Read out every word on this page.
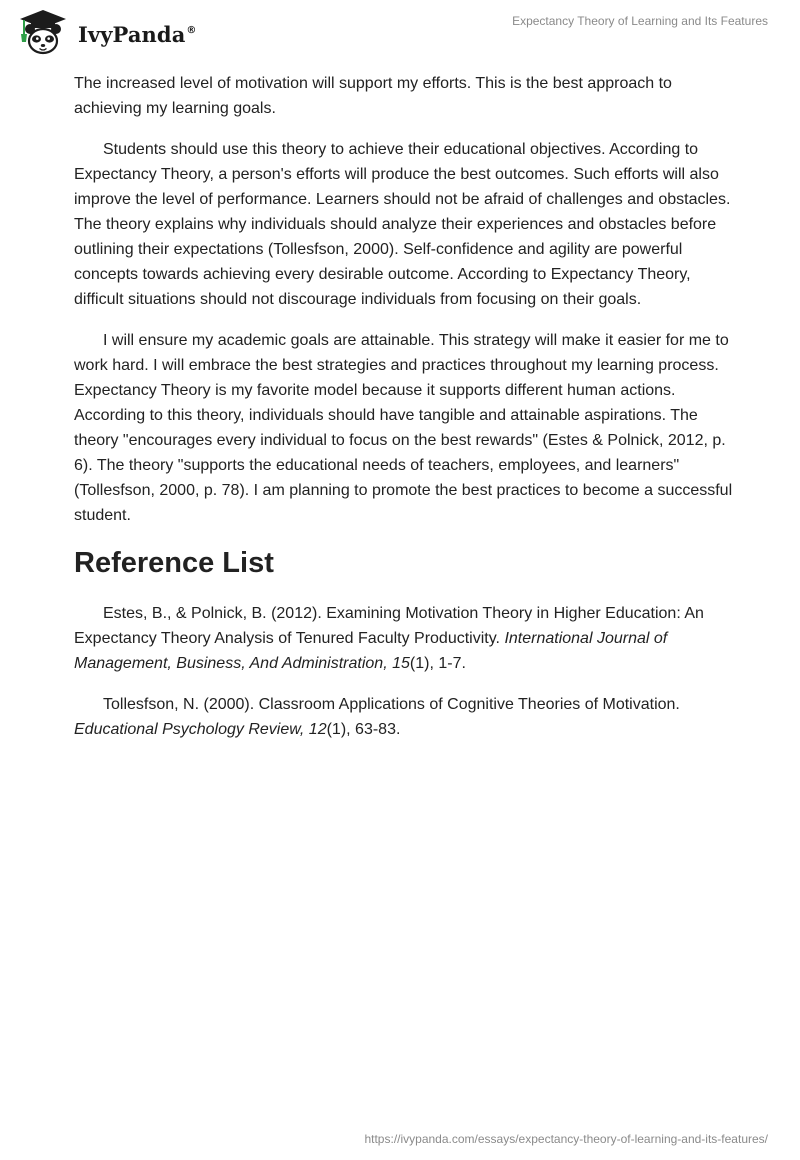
IvyPanda®
Expectancy Theory of Learning and Its Features

The increased level of motivation will support my efforts. This is the best approach to achieving my learning goals.

Students should use this theory to achieve their educational objectives. According to Expectancy Theory, a person's efforts will produce the best outcomes. Such efforts will also improve the level of performance. Learners should not be afraid of challenges and obstacles. The theory explains why individuals should analyze their experiences and obstacles before outlining their expectations (Tollesfson, 2000). Self-confidence and agility are powerful concepts towards achieving every desirable outcome. According to Expectancy Theory, difficult situations should not discourage individuals from focusing on their goals.

I will ensure my academic goals are attainable. This strategy will make it easier for me to work hard. I will embrace the best strategies and practices throughout my learning process. Expectancy Theory is my favorite model because it supports different human actions. According to this theory, individuals should have tangible and attainable aspirations. The theory "encourages every individual to focus on the best rewards" (Estes & Polnick, 2012, p. 6). The theory "supports the educational needs of teachers, employees, and learners" (Tollesfson, 2000, p. 78). I am planning to promote the best practices to become a successful student.

Reference List

Estes, B., & Polnick, B. (2012). Examining Motivation Theory in Higher Education: An Expectancy Theory Analysis of Tenured Faculty Productivity. International Journal of Management, Business, And Administration, 15(1), 1-7.

Tollesfson, N. (2000). Classroom Applications of Cognitive Theories of Motivation. Educational Psychology Review, 12(1), 63-83.

https://ivypanda.com/essays/expectancy-theory-of-learning-and-its-features/
